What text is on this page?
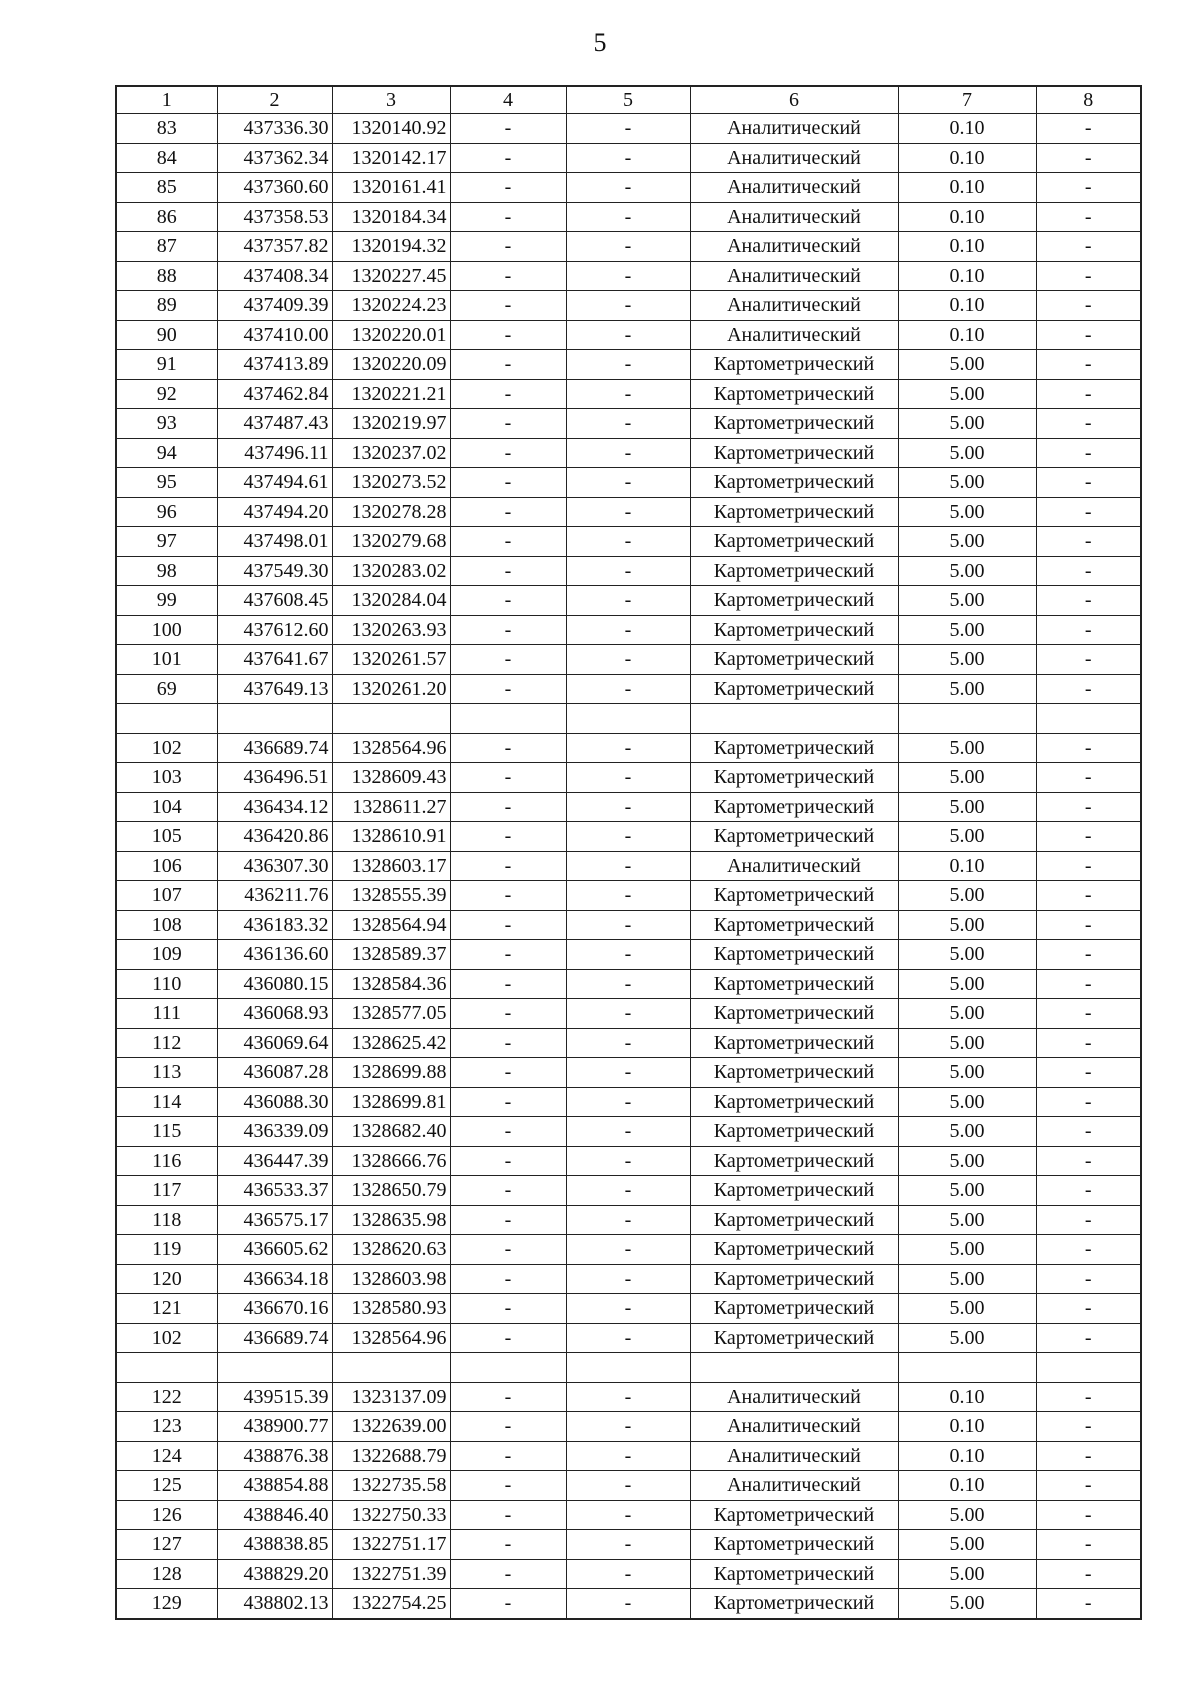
5
1	2	3	4	5	6	7	8
83	437336.30	1320140.92	-	-	Аналитический	0.10	-
84	437362.34	1320142.17	-	-	Аналитический	0.10	-
85	437360.60	1320161.41	-	-	Аналитический	0.10	-
86	437358.53	1320184.34	-	-	Аналитический	0.10	-
87	437357.82	1320194.32	-	-	Аналитический	0.10	-
88	437408.34	1320227.45	-	-	Аналитический	0.10	-
89	437409.39	1320224.23	-	-	Аналитический	0.10	-
90	437410.00	1320220.01	-	-	Аналитический	0.10	-
91	437413.89	1320220.09	-	-	Картометрический	5.00	-
92	437462.84	1320221.21	-	-	Картометрический	5.00	-
93	437487.43	1320219.97	-	-	Картометрический	5.00	-
94	437496.11	1320237.02	-	-	Картометрический	5.00	-
95	437494.61	1320273.52	-	-	Картометрический	5.00	-
96	437494.20	1320278.28	-	-	Картометрический	5.00	-
97	437498.01	1320279.68	-	-	Картометрический	5.00	-
98	437549.30	1320283.02	-	-	Картометрический	5.00	-
99	437608.45	1320284.04	-	-	Картометрический	5.00	-
100	437612.60	1320263.93	-	-	Картометрический	5.00	-
101	437641.67	1320261.57	-	-	Картометрический	5.00	-
69	437649.13	1320261.20	-	-	Картометрический	5.00	-

102	436689.74	1328564.96	-	-	Картометрический	5.00	-
103	436496.51	1328609.43	-	-	Картометрический	5.00	-
104	436434.12	1328611.27	-	-	Картометрический	5.00	-
105	436420.86	1328610.91	-	-	Картометрический	5.00	-
106	436307.30	1328603.17	-	-	Аналитический	0.10	-
107	436211.76	1328555.39	-	-	Картометрический	5.00	-
108	436183.32	1328564.94	-	-	Картометрический	5.00	-
109	436136.60	1328589.37	-	-	Картометрический	5.00	-
110	436080.15	1328584.36	-	-	Картометрический	5.00	-
111	436068.93	1328577.05	-	-	Картометрический	5.00	-
112	436069.64	1328625.42	-	-	Картометрический	5.00	-
113	436087.28	1328699.88	-	-	Картометрический	5.00	-
114	436088.30	1328699.81	-	-	Картометрический	5.00	-
115	436339.09	1328682.40	-	-	Картометрический	5.00	-
116	436447.39	1328666.76	-	-	Картометрический	5.00	-
117	436533.37	1328650.79	-	-	Картометрический	5.00	-
118	436575.17	1328635.98	-	-	Картометрический	5.00	-
119	436605.62	1328620.63	-	-	Картометрический	5.00	-
120	436634.18	1328603.98	-	-	Картометрический	5.00	-
121	436670.16	1328580.93	-	-	Картометрический	5.00	-
102	436689.74	1328564.96	-	-	Картометрический	5.00	-

122	439515.39	1323137.09	-	-	Аналитический	0.10	-
123	438900.77	1322639.00	-	-	Аналитический	0.10	-
124	438876.38	1322688.79	-	-	Аналитический	0.10	-
125	438854.88	1322735.58	-	-	Аналитический	0.10	-
126	438846.40	1322750.33	-	-	Картометрический	5.00	-
127	438838.85	1322751.17	-	-	Картометрический	5.00	-
128	438829.20	1322751.39	-	-	Картометрический	5.00	-
129	438802.13	1322754.25	-	-	Картометрический	5.00	-
